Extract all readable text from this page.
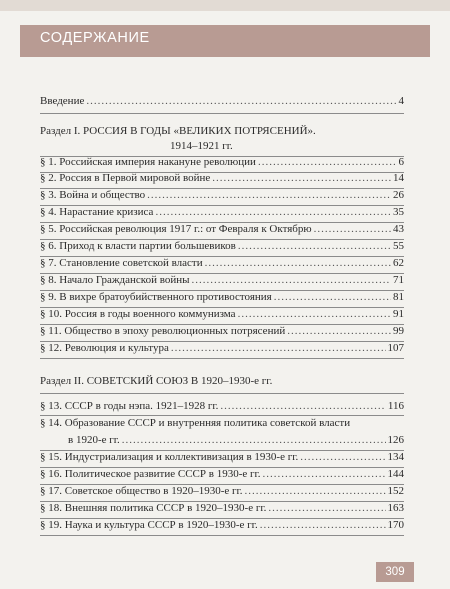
СОДЕРЖАНИЕ
Введение .....	4
Раздел I. РОССИЯ В ГОДЫ «ВЕЛИКИХ ПОТРЯСЕНИЙ».
1914–1921 гг.
§ 1. Российская империя накануне революции .....	6
§ 2. Россия в Первой мировой войне .....	14
§ 3. Война и общество .....	26
§ 4. Нарастание кризиса .....	35
§ 5. Российская революция 1917 г.: от Февраля к Октябрю .....	43
§ 6. Приход к власти партии большевиков .....	55
§ 7. Становление советской власти .....	62
§ 8. Начало Гражданской войны .....	71
§ 9. В вихре братоубийственного противостояния .....	81
§ 10. Россия в годы военного коммунизма .....	91
§ 11. Общество в эпоху революционных потрясений .....	99
§ 12. Революция и культура .....	107
Раздел II. СОВЕТСКИЙ СОЮЗ В 1920–1930-е гг.
§ 13. СССР в годы нэпа. 1921–1928 гг. .....	116
§ 14. Образование СССР и внутренняя политика советской власти
в 1920-е гг. .....	126
§ 15. Индустриализация и коллективизация в 1930-е гг. .....	134
§ 16. Политическое развитие СССР в 1930-е гг. .....	144
§ 17. Советское общество в 1920–1930-е гг. .....	152
§ 18. Внешняя политика СССР в 1920–1930-е гг. .....	163
§ 19. Наука и культура СССР в 1920–1930-е гг. .....	170
309
